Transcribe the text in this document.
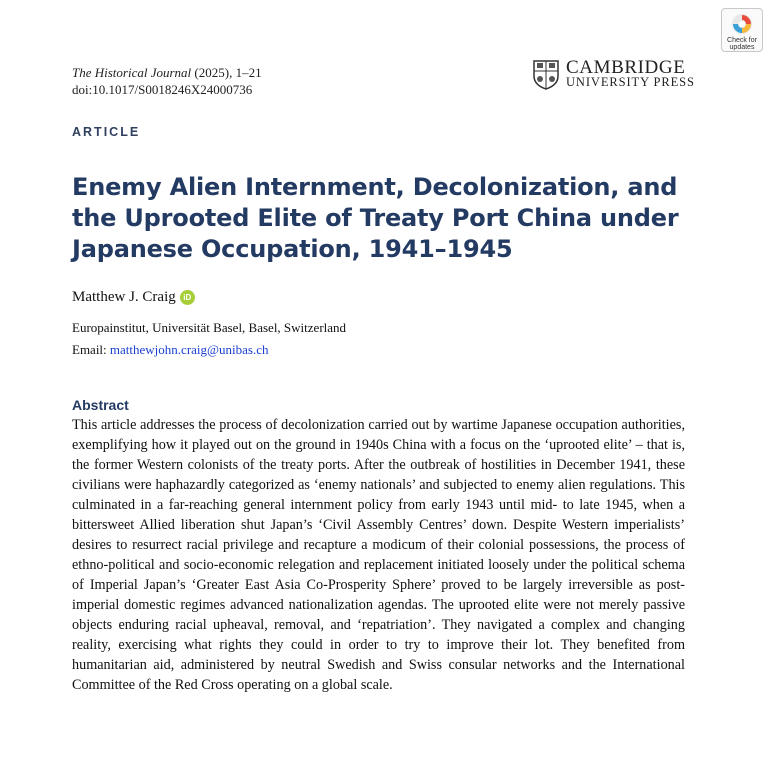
Check for updates
The Historical Journal (2025), 1–21
doi:10.1017/S0018246X24000736
CAMBRIDGE
UNIVERSITY PRESS
ARTICLE
Enemy Alien Internment, Decolonization, and the Uprooted Elite of Treaty Port China under Japanese Occupation, 1941–1945
Matthew J. Craig iD
Europainstitut, Universität Basel, Basel, Switzerland
Email: matthewjohn.craig@unibas.ch
Abstract

This article addresses the process of decolonization carried out by wartime Japanese occupation authorities, exemplifying how it played out on the ground in 1940s China with a focus on the ‘uprooted elite’ – that is, the former Western colonists of the treaty ports. After the outbreak of hostilities in December 1941, these civilians were haphazardly categorized as ‘enemy nationals’ and subjected to enemy alien regulations. This culminated in a far-reaching general internment policy from early 1943 until mid- to late 1945, when a bittersweet Allied liberation shut Japan’s ‘Civil Assembly Centres’ down. Despite Western imperialists’ desires to resurrect racial privilege and recapture a modicum of their colonial possessions, the process of ethno-political and socio-economic relegation and replacement initiated loosely under the political schema of Imperial Japan’s ‘Greater East Asia Co-Prosperity Sphere’ proved to be largely irreversible as post-imperial domestic regimes advanced nationalization agendas. The uprooted elite were not merely passive objects enduring racial upheaval, removal, and ‘repatriation’. They navigated a complex and changing reality, exercising what rights they could in order to try to improve their lot. They benefited from humanitarian aid, administered by neutral Swedish and Swiss consular networks and the International Committee of the Red Cross operating on a global scale.
